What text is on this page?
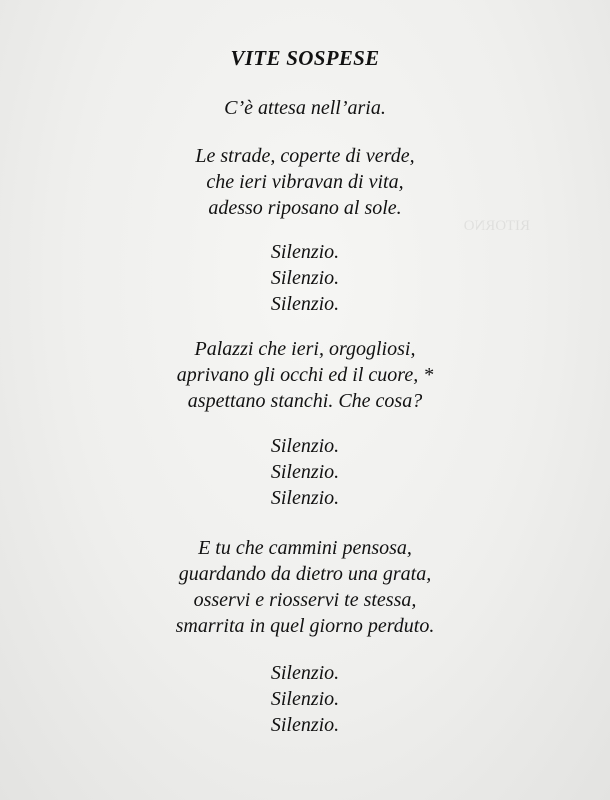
RITORNO

VITE SOSPESE
C’è attesa nell’aria.
Le strade, coperte di verde,
che ieri vibravan di vita,
adesso riposano al sole.
Silenzio.
Silenzio.
Silenzio.
Palazzi che ieri, orgogliosi,
aprivano gli occhi ed il cuore, *
aspettano stanchi. Che cosa?
Silenzio.
Silenzio.
Silenzio.
E tu che cammini pensosa,
guardando da dietro una grata,
osservi e riosservi te stessa,
smarrita in quel giorno perduto.
Silenzio.
Silenzio.
Silenzio.
